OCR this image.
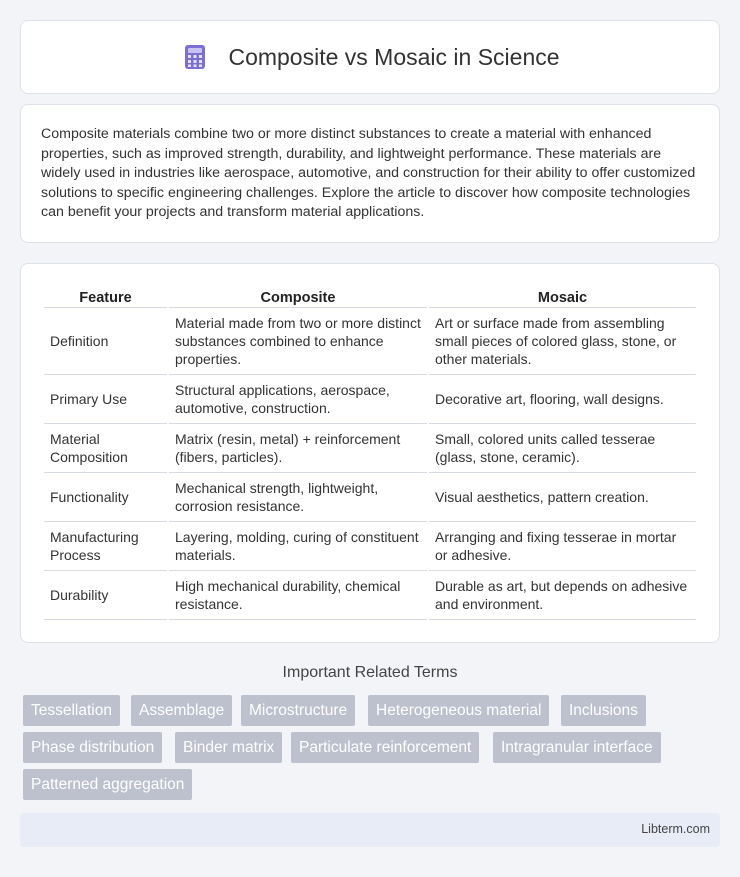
Composite vs Mosaic in Science

Composite materials combine two or more distinct substances to create a material with enhanced properties, such as improved strength, durability, and lightweight performance. These materials are widely used in industries like aerospace, automotive, and construction for their ability to offer customized solutions to specific engineering challenges. Explore the article to discover how composite technologies can benefit your projects and transform material applications.

Feature	Composite	Mosaic
Definition	Material made from two or more distinct substances combined to enhance properties.	Art or surface made from assembling small pieces of colored glass, stone, or other materials.
Primary Use	Structural applications, aerospace, automotive, construction.	Decorative art, flooring, wall designs.
Material Composition	Matrix (resin, metal) + reinforcement (fibers, particles).	Small, colored units called tesserae (glass, stone, ceramic).
Functionality	Mechanical strength, lightweight, corrosion resistance.	Visual aesthetics, pattern creation.
Manufacturing Process	Layering, molding, curing of constituent materials.	Arranging and fixing tesserae in mortar or adhesive.
Durability	High mechanical durability, chemical resistance.	Durable as art, but depends on adhesive and environment.
Important Related Terms
Tessellation	Assemblage	Microstructure	Heterogeneous material	Inclusions
Phase distribution	Binder matrix	Particulate reinforcement	Intragranular interface
Patterned aggregation
Libterm.com
